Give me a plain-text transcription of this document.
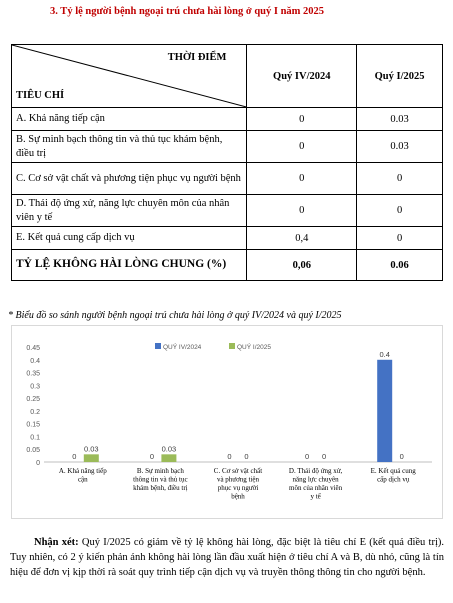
3. Tỷ lệ người bệnh ngoại trú chưa hài lòng ở quý I năm 2025
THỜI ĐIỂM
TIÊU CHÍ	Quý IV/2024	Quý I/2025
A. Khả năng tiếp cận	0	0.03
B. Sự minh bạch thông tin và thủ tục khám bệnh, điều trị	0	0.03
C. Cơ sở vật chất và phương tiện phục vụ người bệnh	0	0
D. Thái độ ứng xử, năng lực chuyên môn của nhân viên y tế	0	0
E. Kết quả cung cấp dịch vụ	0,4	0
TỶ LỆ KHÔNG HÀI LÒNG CHUNG (%)	0,06	0.06
* Biểu đồ so sánh người bệnh ngoại trú chưa hài lòng ở quý IV/2024 và quý I/2025
0
0.05
0.1
0.15
0.2
0.25
0.3
0.35
0.4
0.45
0
0.03
A. Khả năng tiếp
cận
0
0.03
B. Sự minh bạch
thông tin và thủ tục
khám bệnh, điều trị
0 0
C. Cơ sở vật chất
và phương tiện
phục vụ người
bệnh
0 0
D. Thái độ ứng xử,
năng lực chuyên
môn của nhân viên
y tế
0.4
0
E. Kết quả cung
cấp dịch vụ
QUÝ IV/2024	QUÝ I/2025

Nhận xét: Quý I/2025 có giảm về tỷ lệ không hài lòng, đặc biệt là tiêu chí E (kết quả điều trị). Tuy nhiên, có 2 ý kiến phản ánh không hài lòng lần đầu xuất hiện ở tiêu chí A và B, dù nhỏ, cũng là tín hiệu để đơn vị kịp thời rà soát quy trình tiếp cận dịch vụ và truyền thông thông tin cho người bệnh.
